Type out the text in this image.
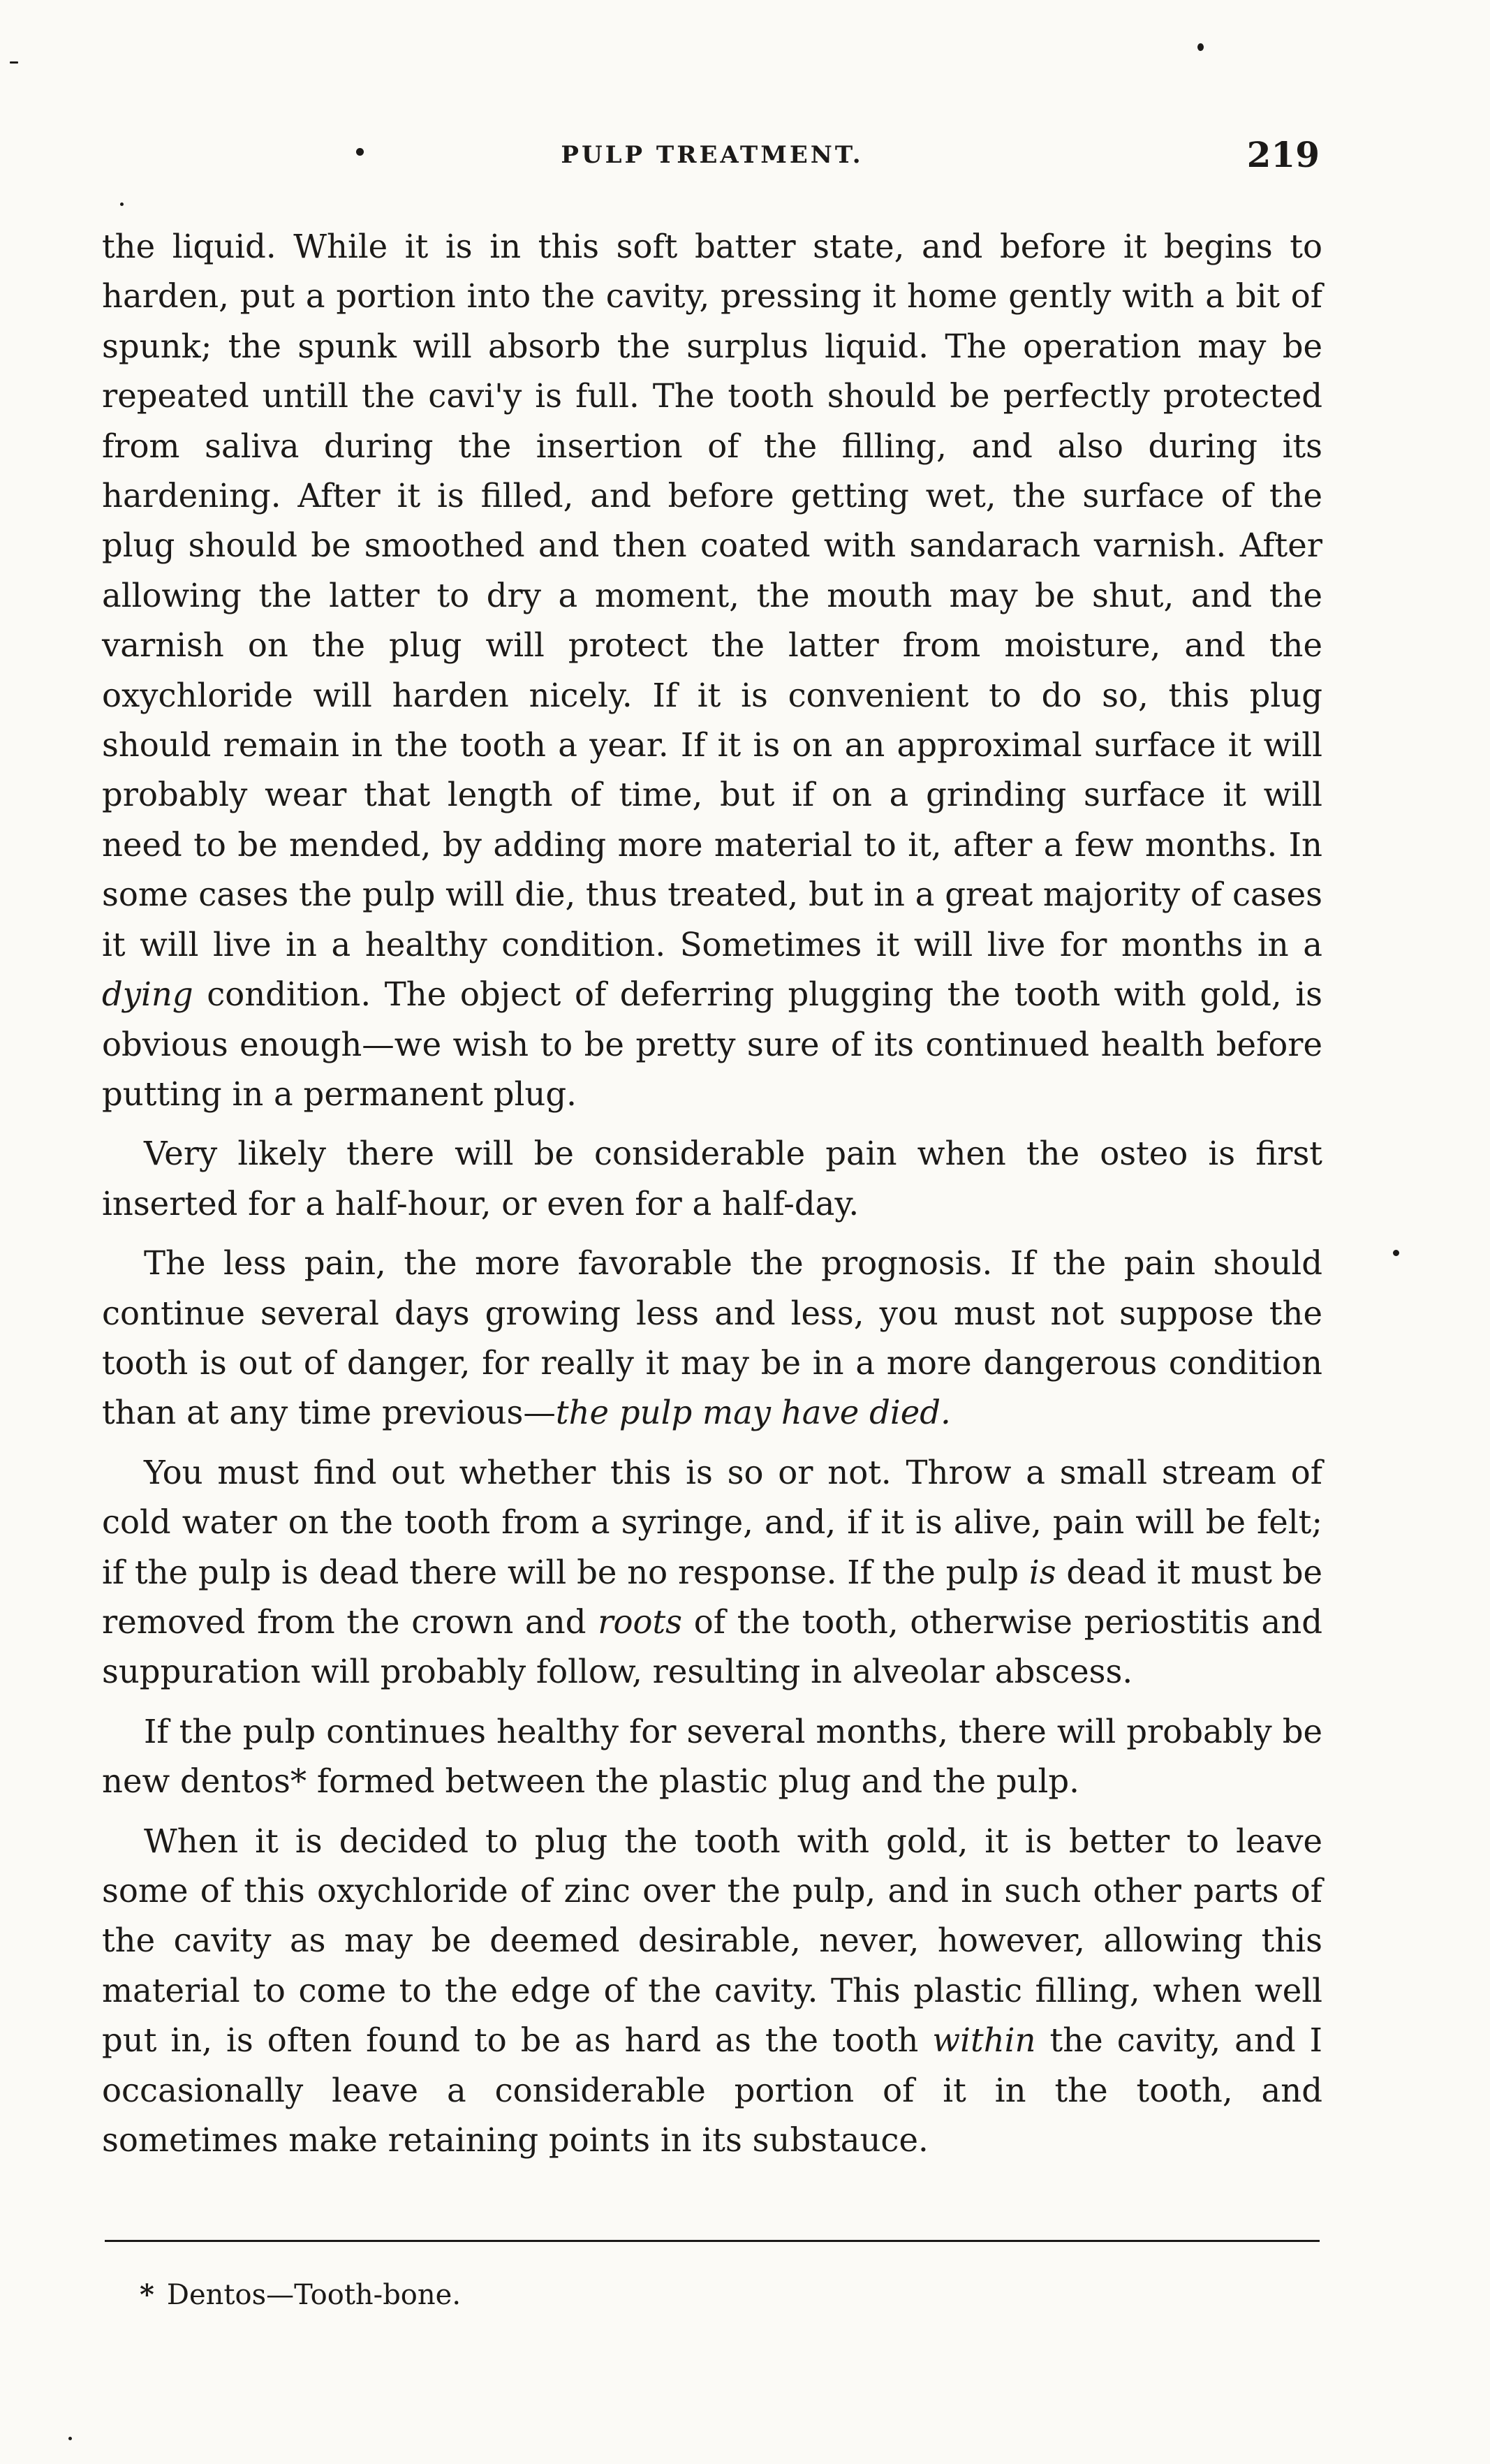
PULP TREATMENT.	219

the liquid. While it is in this soft batter state, and before it begins to harden, put a portion into the cavity, pressing it home gently with a bit of spunk; the spunk will absorb the surplus liquid. The operation may be repeated untill the cavi'y is full. The tooth should be perfectly protected from saliva during the insertion of the filling, and also during its hardening. After it is filled, and before getting wet, the surface of the plug should be smoothed and then coated with sandarach varnish. After allowing the latter to dry a moment, the mouth may be shut, and the varnish on the plug will protect the latter from moisture, and the oxychloride will harden nicely. If it is convenient to do so, this plug should remain in the tooth a year. If it is on an approximal surface it will probably wear that length of time, but if on a grinding surface it will need to be mended, by adding more material to it, after a few months. In some cases the pulp will die, thus treated, but in a great majority of cases it will live in a healthy condition. Sometimes it will live for months in a dying condition. The object of deferring plugging the tooth with gold, is obvious enough—we wish to be pretty sure of its continued health before putting in a permanent plug.

Very likely there will be considerable pain when the osteo is first inserted for a half-hour, or even for a half-day.

The less pain, the more favorable the prognosis. If the pain should continue several days growing less and less, you must not suppose the tooth is out of danger, for really it may be in a more dangerous condition than at any time previous—the pulp may have died.

You must find out whether this is so or not. Throw a small stream of cold water on the tooth from a syringe, and, if it is alive, pain will be felt; if the pulp is dead there will be no response. If the pulp is dead it must be removed from the crown and roots of the tooth, otherwise periostitis and suppuration will probably follow, resulting in alveolar abscess.

If the pulp continues healthy for several months, there will probably be new dentos* formed between the plastic plug and the pulp.

When it is decided to plug the tooth with gold, it is better to leave some of this oxychloride of zinc over the pulp, and in such other parts of the cavity as may be deemed desirable, never, however, allowing this material to come to the edge of the cavity. This plastic filling, when well put in, is often found to be as hard as the tooth within the cavity, and I occasionally leave a considerable portion of it in the tooth, and sometimes make retaining points in its substauce.

* Dentos—Tooth-bone.
